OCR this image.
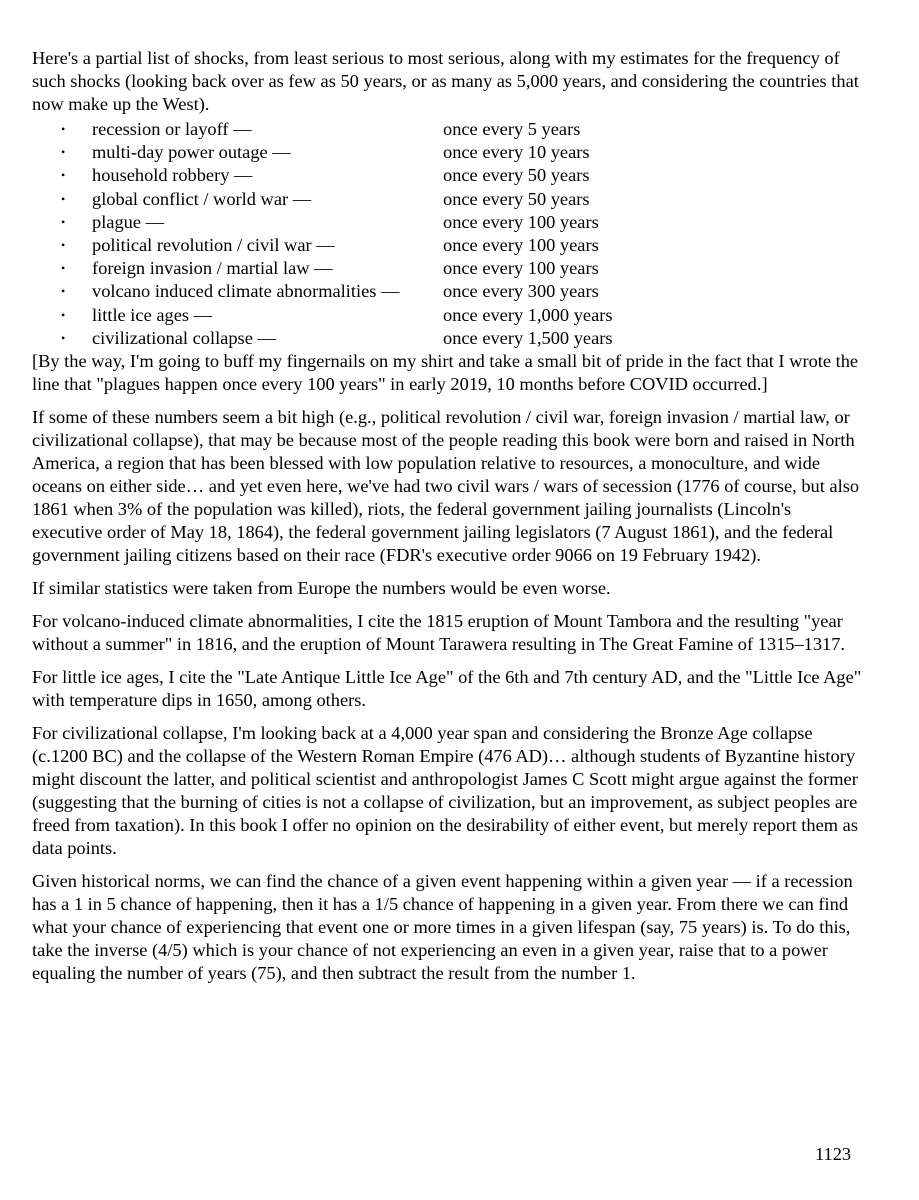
Here's a partial list of shocks, from least serious to most serious, along with my estimates for the frequency of such shocks (looking back over as few as 50 years, or as many as 5,000 years, and considering the countries that now make up the West).

• recession or layoff —	once every 5 years
• multi-day power outage —	once every 10 years
• household robbery —	once every 50 years
• global conflict / world war —	once every 50 years
• plague —	once every 100 years
• political revolution / civil war —	once every 100 years
• foreign invasion / martial law —	once every 100 years
• volcano induced climate abnormalities — once every 300 years
• little ice ages —	once every 1,000 years
• civilizational collapse —	once every 1,500 years

[By the way, I'm going to buff my fingernails on my shirt and take a small bit of pride in the fact that I wrote the line that "plagues happen once every 100 years" in early 2019, 10 months before COVID occurred.]

If some of these numbers seem a bit high (e.g., political revolution / civil war, foreign invasion / martial law, or civilizational collapse), that may be because most of the people reading this book were born and raised in North America, a region that has been blessed with low population relative to resources, a monoculture, and wide oceans on either side… and yet even here, we've had two civil wars / wars of secession (1776 of course, but also 1861 when 3% of the population was killed), riots, the federal government jailing journalists (Lincoln's executive order of May 18, 1864), the federal government jailing legislators (7 August 1861), and the federal government jailing citizens based on their race (FDR's executive order 9066 on 19 February 1942).

If similar statistics were taken from Europe the numbers would be even worse.

For volcano-induced climate abnormalities, I cite the 1815 eruption of Mount Tambora and the resulting "year without a summer" in 1816, and the eruption of Mount Tarawera resulting in The Great Famine of 1315–1317.

For little ice ages, I cite the "Late Antique Little Ice Age" of the 6th and 7th century AD, and the "Little Ice Age" with temperature dips in 1650, among others.

For civilizational collapse, I'm looking back at a 4,000 year span and considering the Bronze Age collapse (c.1200 BC) and the collapse of the Western Roman Empire (476 AD)… although students of Byzantine history might discount the latter, and political scientist and anthropologist James C Scott might argue against the former (suggesting that the burning of cities is not a collapse of civilization, but an improvement, as subject peoples are freed from taxation). In this book I offer no opinion on the desirability of either event, but merely report them as data points.

Given historical norms, we can find the chance of a given event happening within a given year — if a recession has a 1 in 5 chance of happening, then it has a 1/5 chance of happening in a given year. From there we can find what your chance of experiencing that event one or more times in a given lifespan (say, 75 years) is. To do this, take the inverse (4/5) which is your chance of not experiencing an even in a given year, raise that to a power equaling the number of years (75), and then subtract the result from the number 1.

1123
